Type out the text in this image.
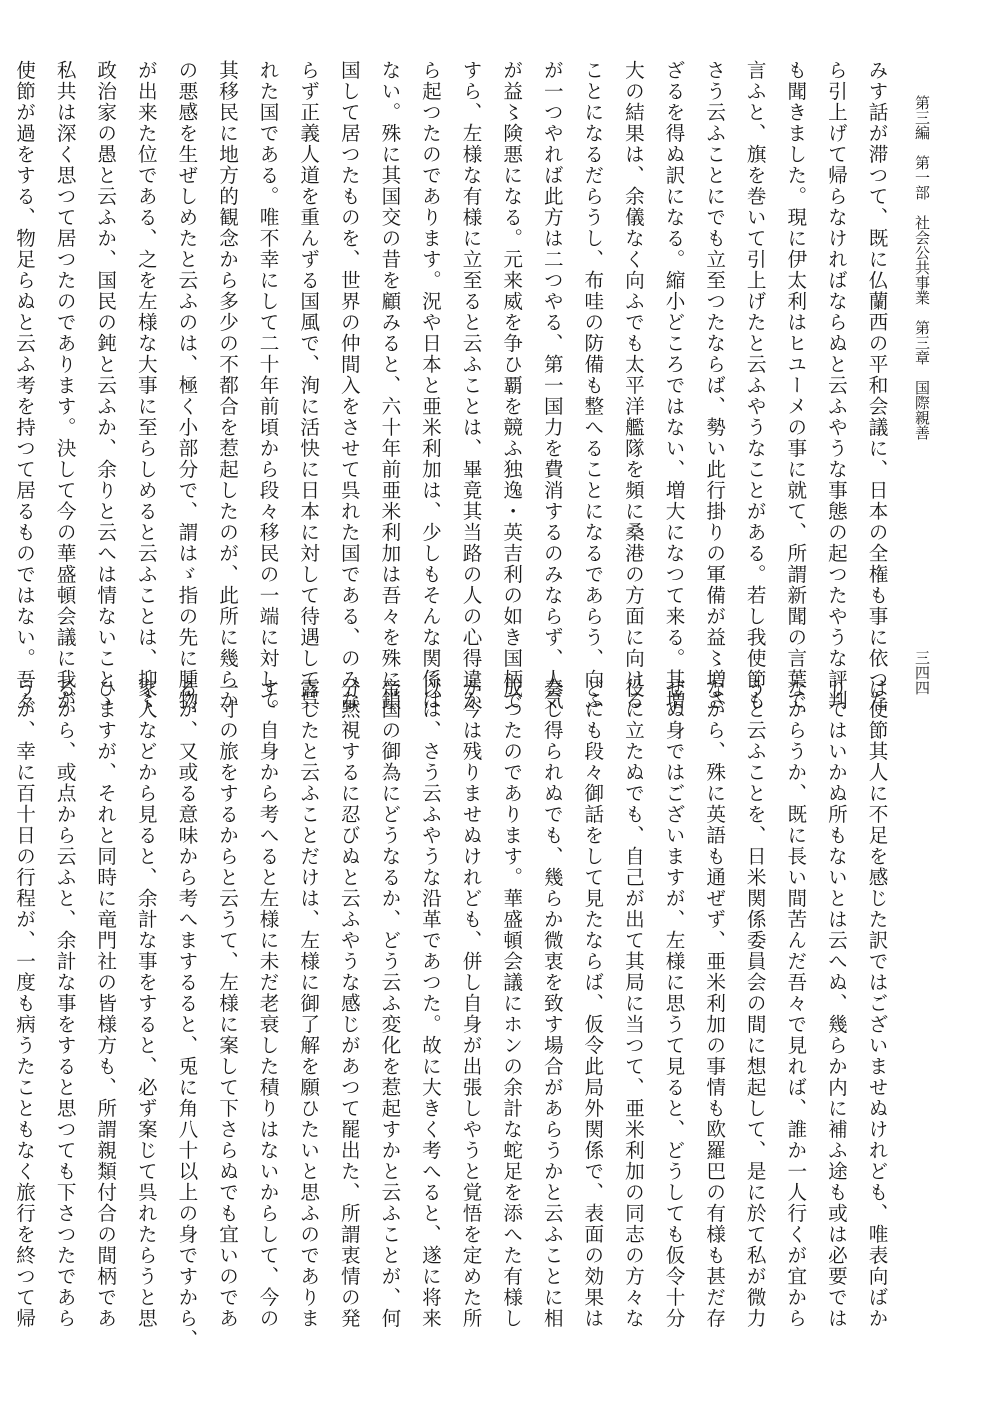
第三編　第一部　社会公共事業　第三章　国際親善
三四四
みす話が滞つて、既に仏蘭西の平和会議に、日本の全権も事に依つた
ら引上げて帰らなければならぬと云ふやうな事態の起つたやうな評判
も聞きました。現に伊太利はヒユーメの事に就て、所謂新聞の言葉で
言ふと、旗を巻いて引上げたと云ふやうなことがある。若し我使節も
さう云ふことにでも立至つたならば、勢い此行掛りの軍備が益〻増さ
ざるを得ぬ訳になる。縮小どころではない、増大になつて来る。其増
大の結果は、余儀なく向ふでも太平洋艦隊を頻に桑港の方面に向ける
ことになるだらうし、布哇の防備も整へることになるであらう、向ふ
が一つやれば此方は二つやる、第一国力を費消するのみならず、人気
が益〻険悪になる。元来威を争ひ覇を競ふ独逸・英吉利の如き国柄で
すら、左様な有様に立至ると云ふことは、畢竟其当路の人の心得違か
ら起つたのであります。況や日本と亜米利加は、少しもそんな関係は
ない。殊に其国交の昔を顧みると、六十年前亜米利加は吾々を殊に鎖
国して居つたものを、世界の仲間入をさせて呉れた国である、のみな
らず正義人道を重んずる国風で、洵に活快に日本に対して待遇して呉
れた国である。唯不幸にして二十年前頃から段々移民の一端に対して
其移民に地方的観念から多少の不都合を惹起したのが、此所に幾らか
の悪感を生ぜしめたと云ふのは、極く小部分で、謂はゞ指の先に腫物
が出来た位である、之を左様な大事に至らしめると云ふことは、抑〻
政治家の愚と云ふか、国民の鈍と云ふか、余りと云へは情ないことゝ
私共は深く思つて居つたのであります。決して今の華盛頓会議に我が
使節が過をする、物足らぬと云ふ考を持つて居るものではない。吾々
は使節其人に不足を感じた訳ではございませぬけれども、唯表向ばか
りではいかぬ所もないとは云へぬ、幾らか内に補ふ途も或は必要では
なからうか、既に長い間苦んだ吾々で見れば、誰か一人行くが宜から
うと云ふことを、日米関係委員会の間に想起して、是に於て私が微力
ながら、殊に英語も通ぜず、亜米利加の事情も欧羅巴の有様も甚だ存
ぜぬ身ではございますが、左様に思うて見ると、どうしても仮令十分
役に立たぬでも、自己が出て其局に当つて、亜米利加の同志の方々な
どにも段々御話をして見たならば、仮令此局外関係で、表面の効果は
奏し得られぬでも、幾らか微衷を致す場合があらうかと云ふことに相
成つたのであります。華盛頓会議にホンの余計な蛇足を添へた有様し
か今は残りませぬけれども、併し自身が出張しやうと覚悟を定めた所
以は、さう云ふやうな沿革であつた。故に大きく考へると、遂に将来
帝国の御為にどうなるか、どう云ふ変化を惹起すかと云ふことが、何
分黙視するに忍びぬと云ふやうな感じがあつて罷出た、所謂衷情の発
露したと云ふことだけは、左様に御了解を願ひたいと思ふのでありま
す。自身から考へると左様に未だ老衰した積りはないからして、今の
一寸の旅をするからと云うて、左様に案して下さらぬでも宜いのであ
るが、又或る意味から考へまするると、兎に角八十以上の身ですから、
家人などから見ると、余計な事をすると、必ず案じて呉れたらうと思
ひますが、それと同時に竜門社の皆様方も、所謂親類付合の間柄であ
るから、或点から云ふと、余計な事をすると思つても下さつたであら
うが、幸に百十日の行程が、一度も病うたこともなく旅行を終つて帰
